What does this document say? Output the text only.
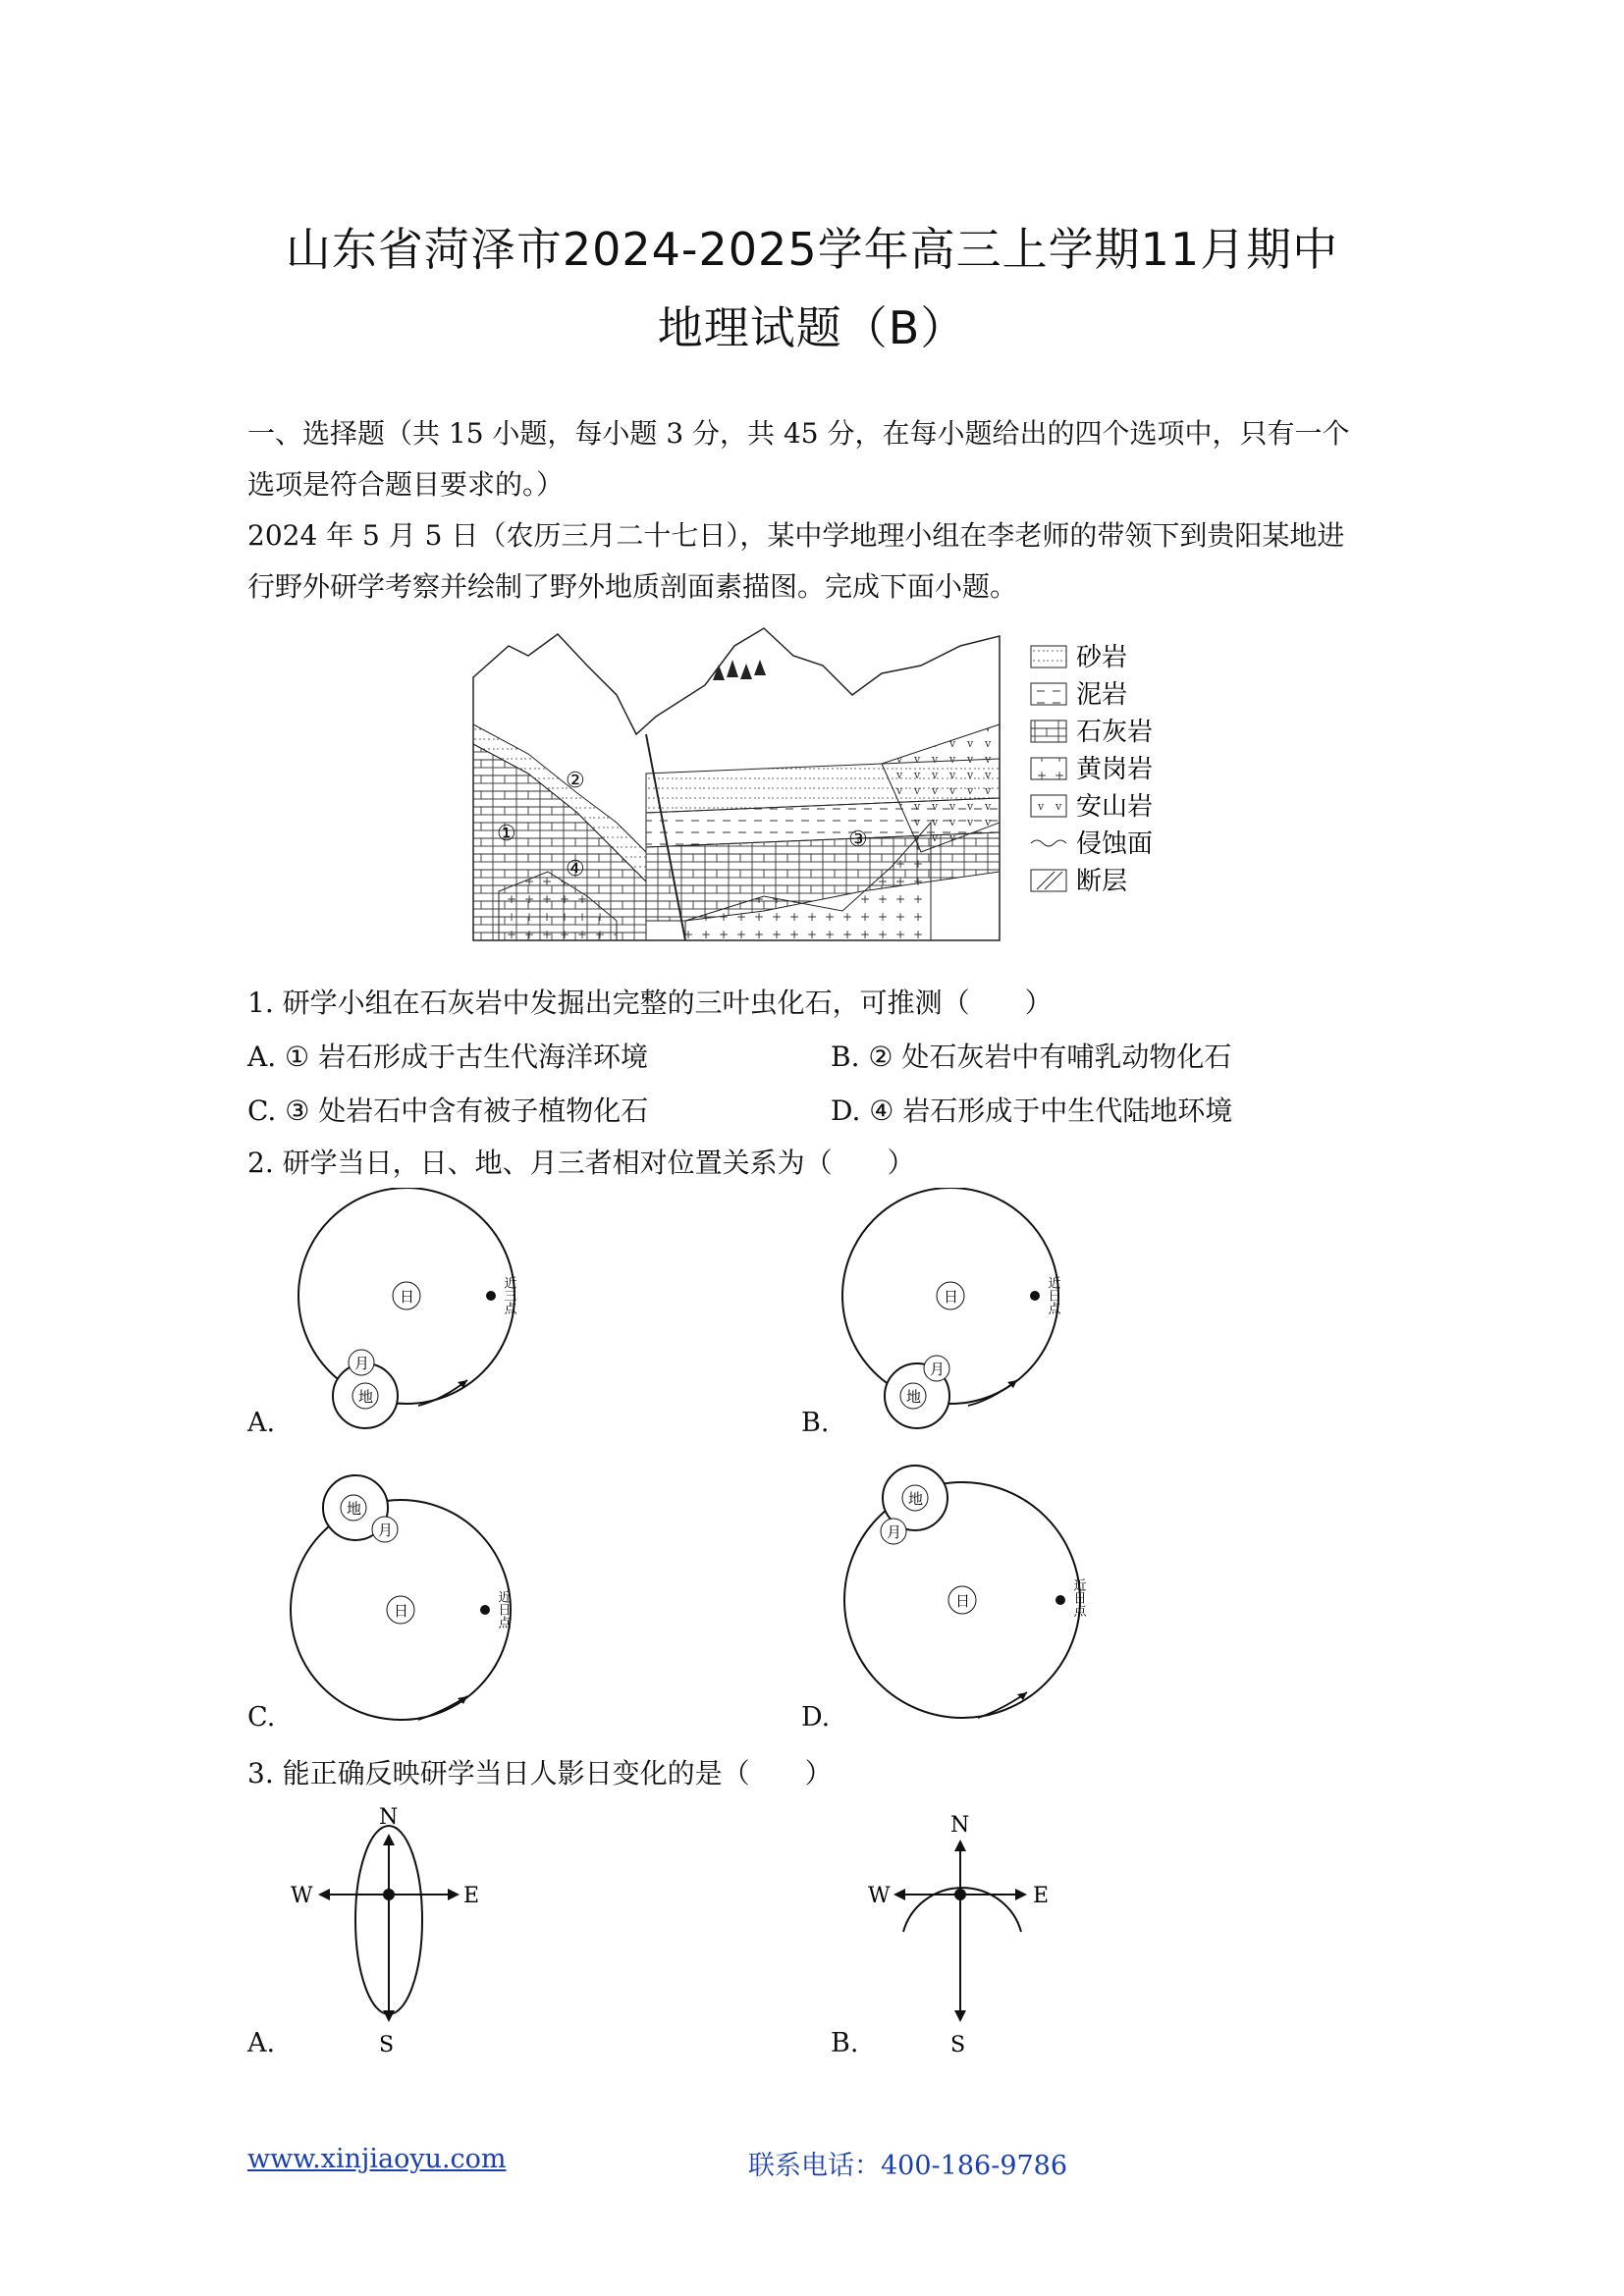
山东省菏泽市2024-2025学年高三上学期11月期中
地理试题（B）
一、选择题（共 15 小题，每小题 3 分，共 45 分，在每小题给出的四个选项中，只有一个
选项是符合题目要求的。）
2024 年 5 月 5 日（农历三月二十七日），某中学地理小组在李老师的带领下到贵阳某地进
行野外研学考察并绘制了野外地质剖面素描图。完成下面小题。
①
②
③
④
砂岩
泥岩
石灰岩
黄岗岩
安山岩
侵蚀面
断层
1. 研学小组在石灰岩中发掘出完整的三叶虫化石，可推测（　　）
A. ① 岩石形成于古生代海洋环境	B. ② 处石灰岩中有哺乳动物化石
C. ③ 处岩石中含有被子植物化石	D. ④ 岩石形成于中生代陆地环境
2. 研学当日，日、地、月三者相对位置关系为（　　）
日	近三点
地
月
A.
日	近日点
地
月
B.
日	近日点
地
月
C.
日	近日点
地
月
D.
3. 能正确反映研学当日人影日变化的是（　　）
N
S
W	E
A.
N
S
W	E
B.
www.xinjiaoyu.com	联系电话：400-186-9786
